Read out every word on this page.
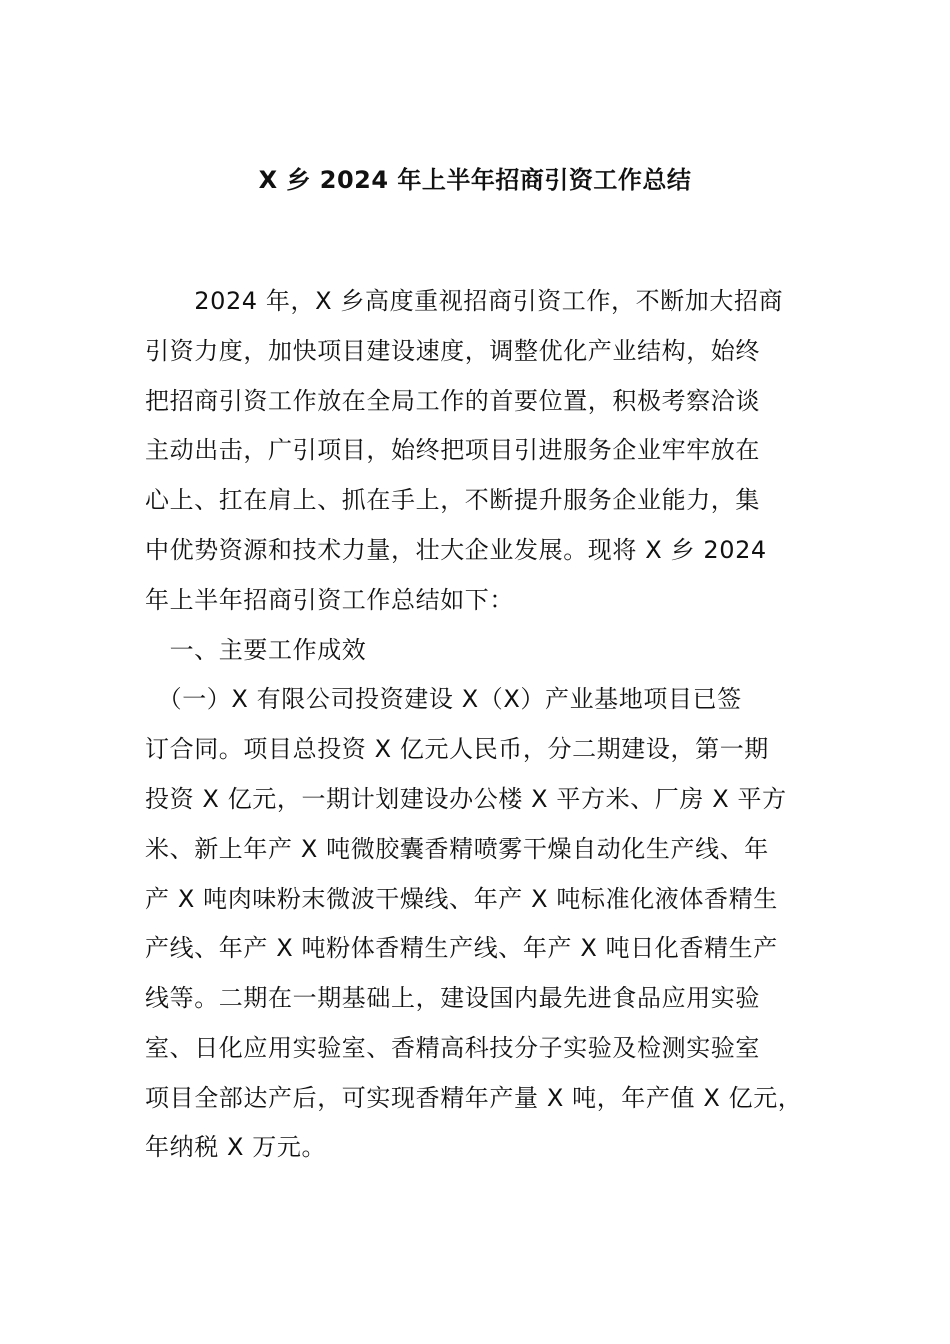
X 乡 2024 年上半年招商引资工作总结
　　2024 年，X 乡高度重视招商引资工作，不断加大招商
引资力度，加快项目建设速度，调整优化产业结构，始终
把招商引资工作放在全局工作的首要位置，积极考察洽谈
主动出击，广引项目，始终把项目引进服务企业牢牢放在
心上、扛在肩上、抓在手上，不断提升服务企业能力，集
中优势资源和技术力量，壮大企业发展。现将 X 乡 2024
年上半年招商引资工作总结如下：
　一、主要工作成效
　（一）X 有限公司投资建设 X（X）产业基地项目已签
订合同。项目总投资 X 亿元人民币，分二期建设，第一期
投资 X 亿元，一期计划建设办公楼 X 平方米、厂房 X 平方
米、新上年产 X 吨微胶囊香精喷雾干燥自动化生产线、年
产 X 吨肉味粉末微波干燥线、年产 X 吨标准化液体香精生
产线、年产 X 吨粉体香精生产线、年产 X 吨日化香精生产
线等。二期在一期基础上，建设国内最先进食品应用实验
室、日化应用实验室、香精高科技分子实验及检测实验室
项目全部达产后，可实现香精年产量 X 吨，年产值 X 亿元，
年纳税 X 万元。
